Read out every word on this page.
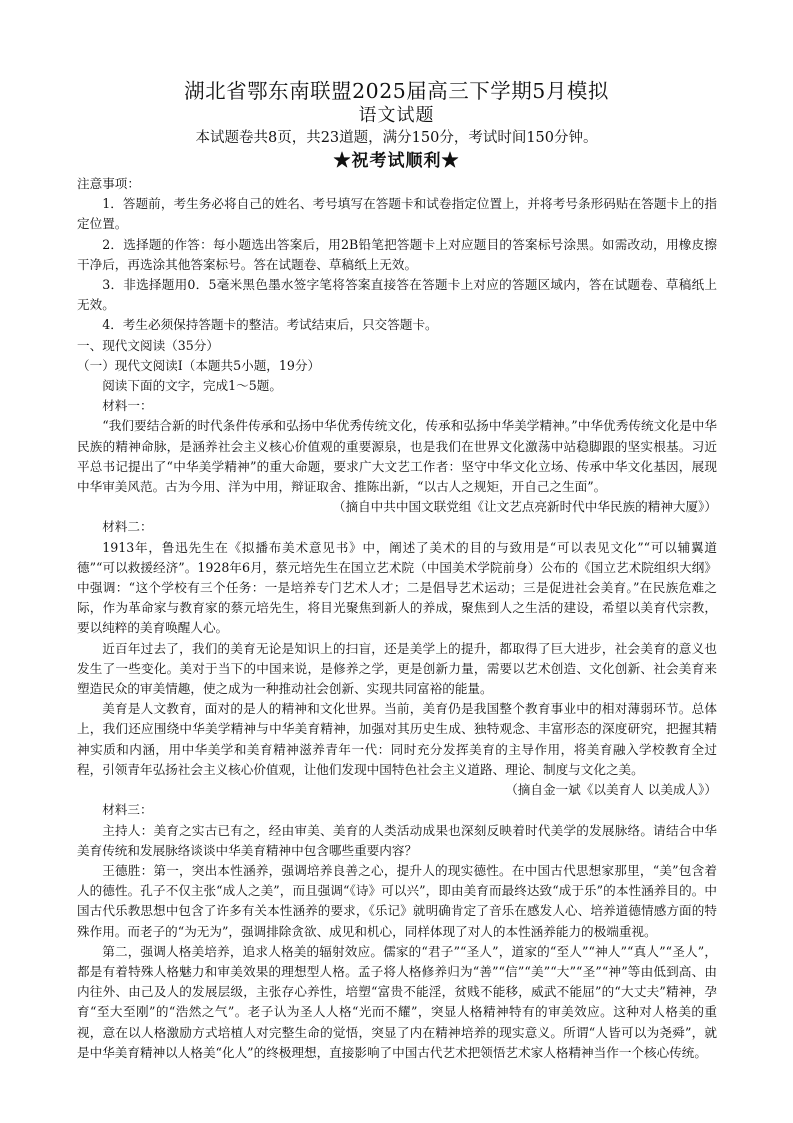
湖北省鄂东南联盟2025届高三下学期5月模拟
语文试题
本试题卷共8页，共23道题，满分150分，考试时间150分钟。
★祝考试顺利★

注意事项：

1．答题前，考生务必将自己的姓名、考号填写在答题卡和试卷指定位置上，并将考号条形码贴在答题卡上的指定位置。

2．选择题的作答：每小题选出答案后，用2B铅笔把答题卡上对应题目的答案标号涂黑。如需改动，用橡皮擦干净后，再选涂其他答案标号。答在试题卷、草稿纸上无效。

3．非选择题用0．5毫米黑色墨水签字笔将答案直接答在答题卡上对应的答题区域内，答在试题卷、草稿纸上无效。

4．考生必须保持答题卡的整洁。考试结束后，只交答题卡。

一、现代文阅读（35分）

（一）现代文阅读Ⅰ（本题共5小题，19分）

阅读下面的文字，完成1～5题。

材料一：

“我们要结合新的时代条件传承和弘扬中华优秀传统文化，传承和弘扬中华美学精神。”中华优秀传统文化是中华民族的精神命脉，是涵养社会主义核心价值观的重要源泉，也是我们在世界文化激荡中站稳脚跟的坚实根基。习近平总书记提出了“中华美学精神”的重大命题，要求广大文艺工作者：坚守中华文化立场、传承中华文化基因，展现中华审美风范。古为今用、洋为中用，辩证取舍、推陈出新，“以古人之规矩，开自己之生面”。

（摘自中共中国文联党组《让文艺点亮新时代中华民族的精神大厦》）

材料二：

1913年，鲁迅先生在《拟播布美术意见书》中，阐述了美术的目的与致用是“可以表见文化”“可以辅翼道德”“可以救援经济”。1928年6月，蔡元培先生在国立艺术院（中国美术学院前身）公布的《国立艺术院组织大纲》中强调：“这个学校有三个任务：一是培养专门艺术人才；二是倡导艺术运动；三是促进社会美育。”在民族危难之际，作为革命家与教育家的蔡元培先生，将目光聚焦到新人的养成，聚焦到人之生活的建设，希望以美育代宗教，要以纯粹的美育唤醒人心。

近百年过去了，我们的美育无论是知识上的扫盲，还是美学上的提升，都取得了巨大进步，社会美育的意义也发生了一些变化。美对于当下的中国来说，是修养之学，更是创新力量，需要以艺术创造、文化创新、社会美育来塑造民众的审美情趣，使之成为一种推动社会创新、实现共同富裕的能量。

美育是人文教育，面对的是人的精神和文化世界。当前，美育仍是我国整个教育事业中的相对薄弱环节。总体上，我们还应围绕中华美学精神与中华美育精神，加强对其历史生成、独特观念、丰富形态的深度研究，把握其精神实质和内涵，用中华美学和美育精神滋养青年一代：同时充分发挥美育的主导作用，将美育融入学校教育全过程，引领青年弘扬社会主义核心价值观，让他们发现中国特色社会主义道路、理论、制度与文化之美。

（摘自金一斌《以美育人 以美成人》）

材料三：

主持人：美育之实古已有之，经由审美、美育的人类活动成果也深刻反映着时代美学的发展脉络。请结合中华美育传统和发展脉络谈谈中华美育精神中包含哪些重要内容？

王德胜：第一，突出本性涵养，强调培养良善之心，提升人的现实德性。在中国古代思想家那里，“美”包含着人的德性。孔子不仅主张“成人之美”，而且强调“《诗》可以兴”，即由美育而最终达致“成于乐”的本性涵养目的。中国古代乐教思想中包含了许多有关本性涵养的要求，《乐记》就明确肯定了音乐在感发人心、培养道德情感方面的特殊作用。而老子的“为无为”，强调排除贪欲、成见和机心，同样体现了对人的本性涵养能力的极端重视。

第二，强调人格美培养，追求人格美的辐射效应。儒家的“君子”“圣人”，道家的“至人”“神人”“真人”“圣人”，都是有着特殊人格魅力和审美效果的理想型人格。孟子将人格修养归为“善”“信”“美”“大”“圣”“神”等由低到高、由内往外、由己及人的发展层级，主张存心养性，培塑“富贵不能淫，贫贱不能移，威武不能屈”的“大丈夫”精神，孕育“至大至刚”的“浩然之气”。老子认为圣人人格“光而不耀”，突显人格精神特有的审美效应。这种对人格美的重视，意在以人格激励方式培植人对完整生命的觉悟，突显了内在精神培养的现实意义。所谓“人皆可以为尧舜”，就是中华美育精神以人格美“化人”的终极理想，直接影响了中国古代艺术把领悟艺术家人格精神当作一个核心传统。
